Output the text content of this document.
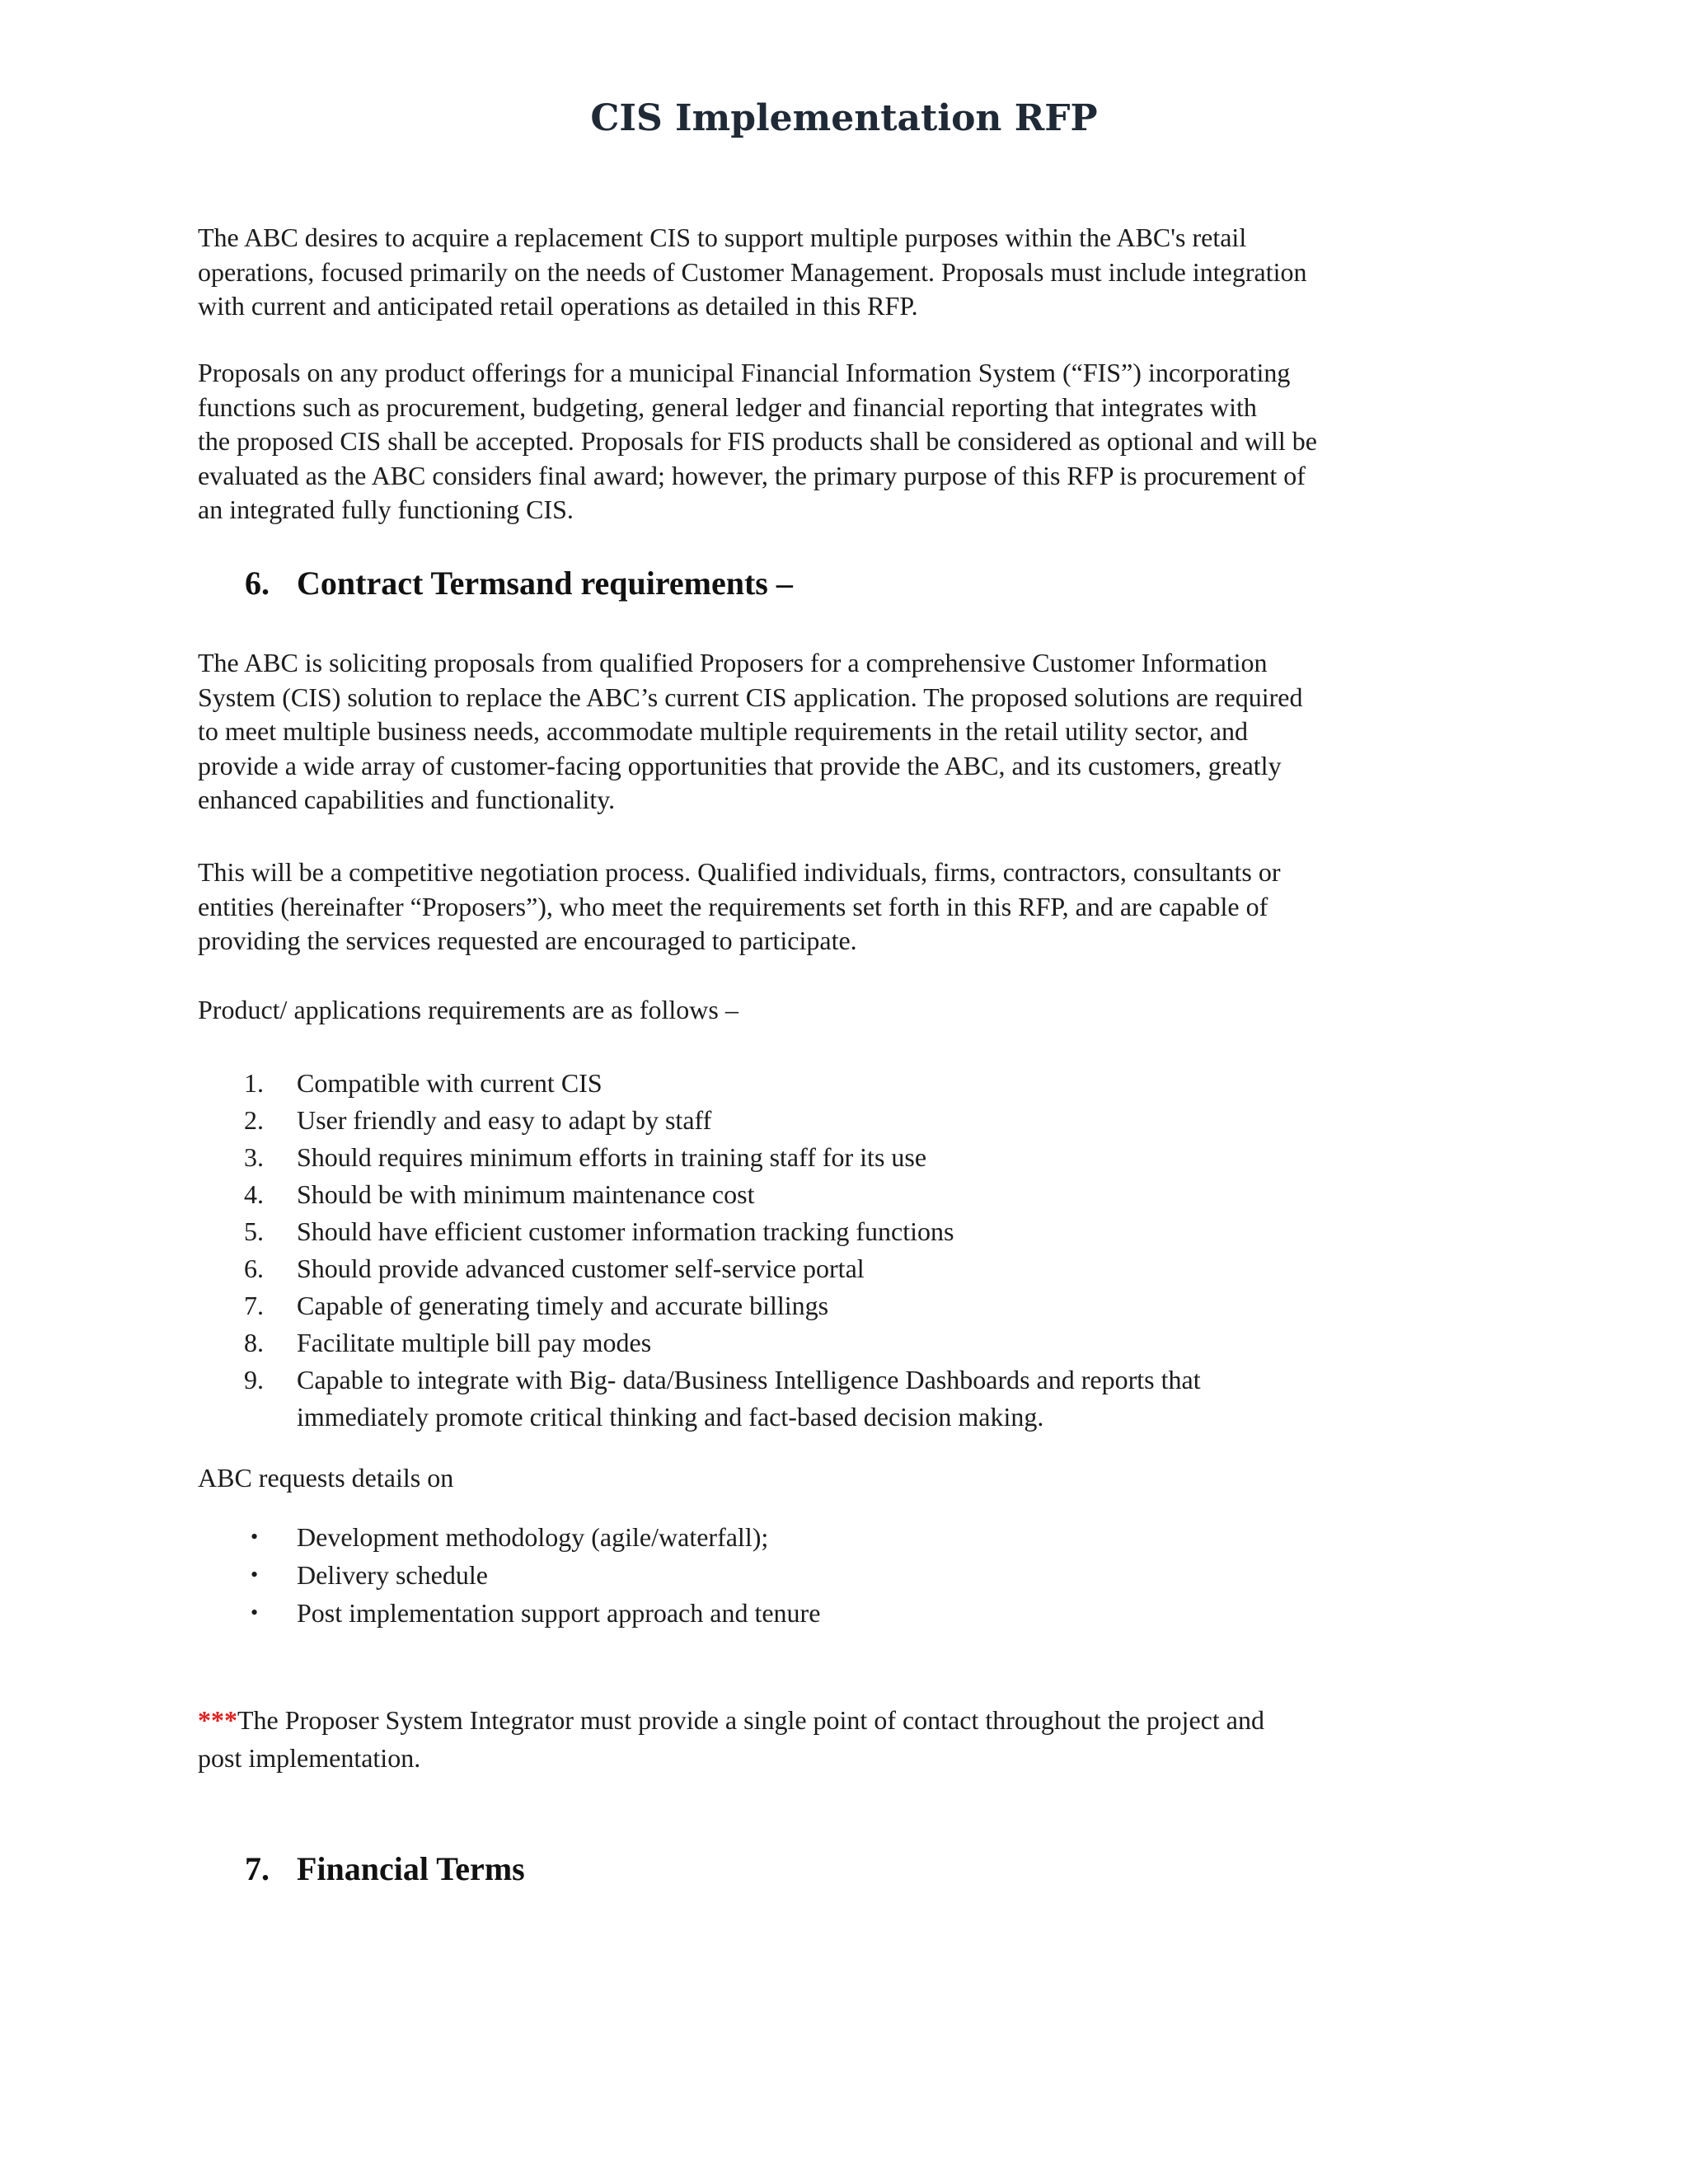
CIS Implementation RFP

The ABC desires to acquire a replacement CIS to support multiple purposes within the ABC's retail
operations, focused primarily on the needs of Customer Management. Proposals must include integration
with current and anticipated retail operations as detailed in this RFP.

Proposals on any product offerings for a municipal Financial Information System (“FIS”) incorporating
functions such as procurement, budgeting, general ledger and financial reporting that integrates with
the proposed CIS shall be accepted. Proposals for FIS products shall be considered as optional and will be
evaluated as the ABC considers final award; however, the primary purpose of this RFP is procurement of
an integrated fully functioning CIS.

6. Contract Termsand requirements –

The ABC is soliciting proposals from qualified Proposers for a comprehensive Customer Information
System (CIS) solution to replace the ABC’s current CIS application. The proposed solutions are required
to meet multiple business needs, accommodate multiple requirements in the retail utility sector, and
provide a wide array of customer-facing opportunities that provide the ABC, and its customers, greatly
enhanced capabilities and functionality.

This will be a competitive negotiation process. Qualified individuals, firms, contractors, consultants or
entities (hereinafter “Proposers”), who meet the requirements set forth in this RFP, and are capable of
providing the services requested are encouraged to participate.

Product/ applications requirements are as follows –

1. Compatible with current CIS
2. User friendly and easy to adapt by staff
3. Should requires minimum efforts in training staff for its use
4. Should be with minimum maintenance cost
5. Should have efficient customer information tracking functions
6. Should provide advanced customer self-service portal
7. Capable of generating timely and accurate billings
8. Facilitate multiple bill pay modes
9. Capable to integrate with Big- data/Business Intelligence Dashboards and reports that
immediately promote critical thinking and fact-based decision making.

ABC requests details on

• Development methodology (agile/waterfall);
• Delivery schedule
• Post implementation support approach and tenure

***The Proposer System Integrator must provide a single point of contact throughout the project and
post implementation.

7. Financial Terms
